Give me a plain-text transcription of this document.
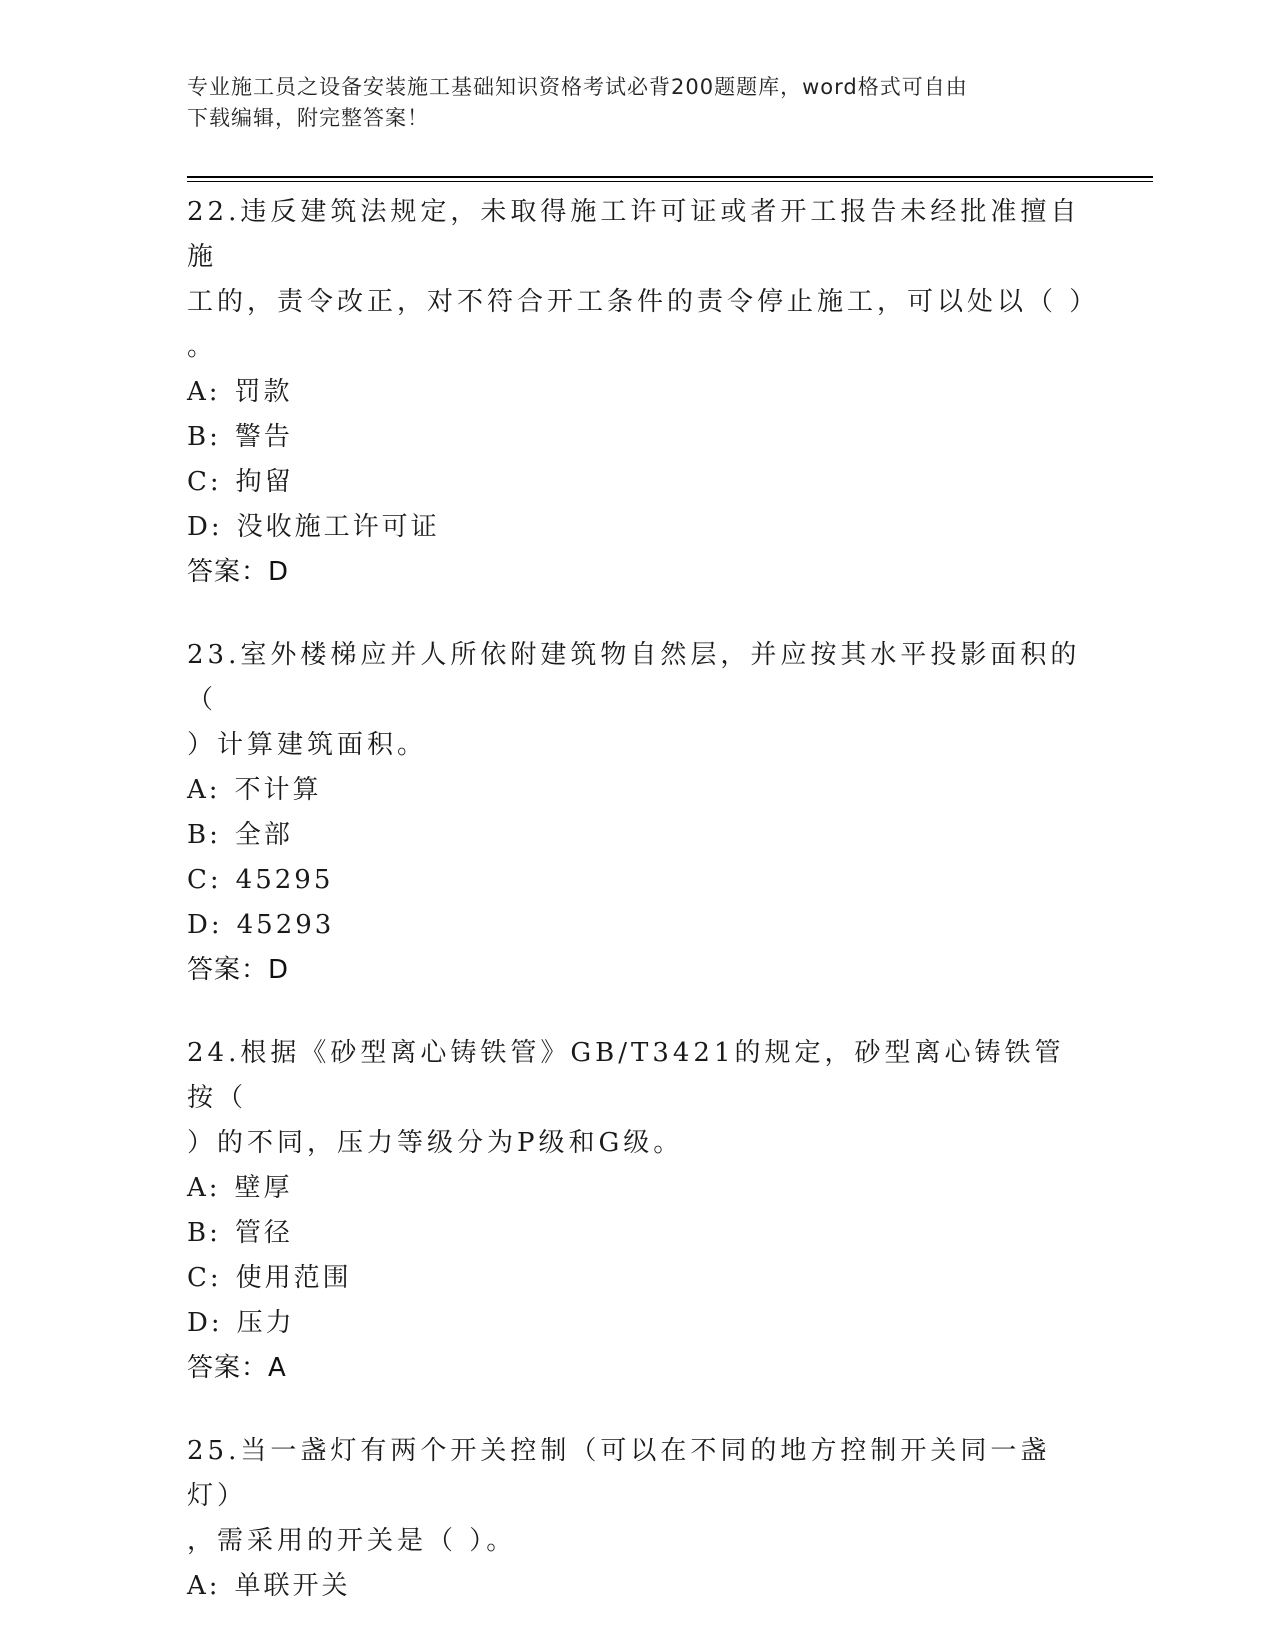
专业施工员之设备安装施工基础知识资格考试必背200题题库，word格式可自由
下载编辑，附完整答案！

22.违反建筑法规定，未取得施工许可证或者开工报告未经批准擅自施

工的，责令改正，对不符合开工条件的责令停止施工，可以处以（ ）

。

A: 罚款

B: 警告

C: 拘留

D: 没收施工许可证

答案：D

23.室外楼梯应并人所依附建筑物自然层，并应按其水平投影面积的（

）计算建筑面积。

A: 不计算

B: 全部

C: 45295

D: 45293

答案：D

24.根据《砂型离心铸铁管》GB/T3421的规定，砂型离心铸铁管按（

）的不同，压力等级分为P级和G级。

A: 壁厚

B: 管径

C: 使用范围

D: 压力

答案：A

25.当一盏灯有两个开关控制（可以在不同的地方控制开关同一盏灯）

，需采用的开关是（ ）。

A: 单联开关
